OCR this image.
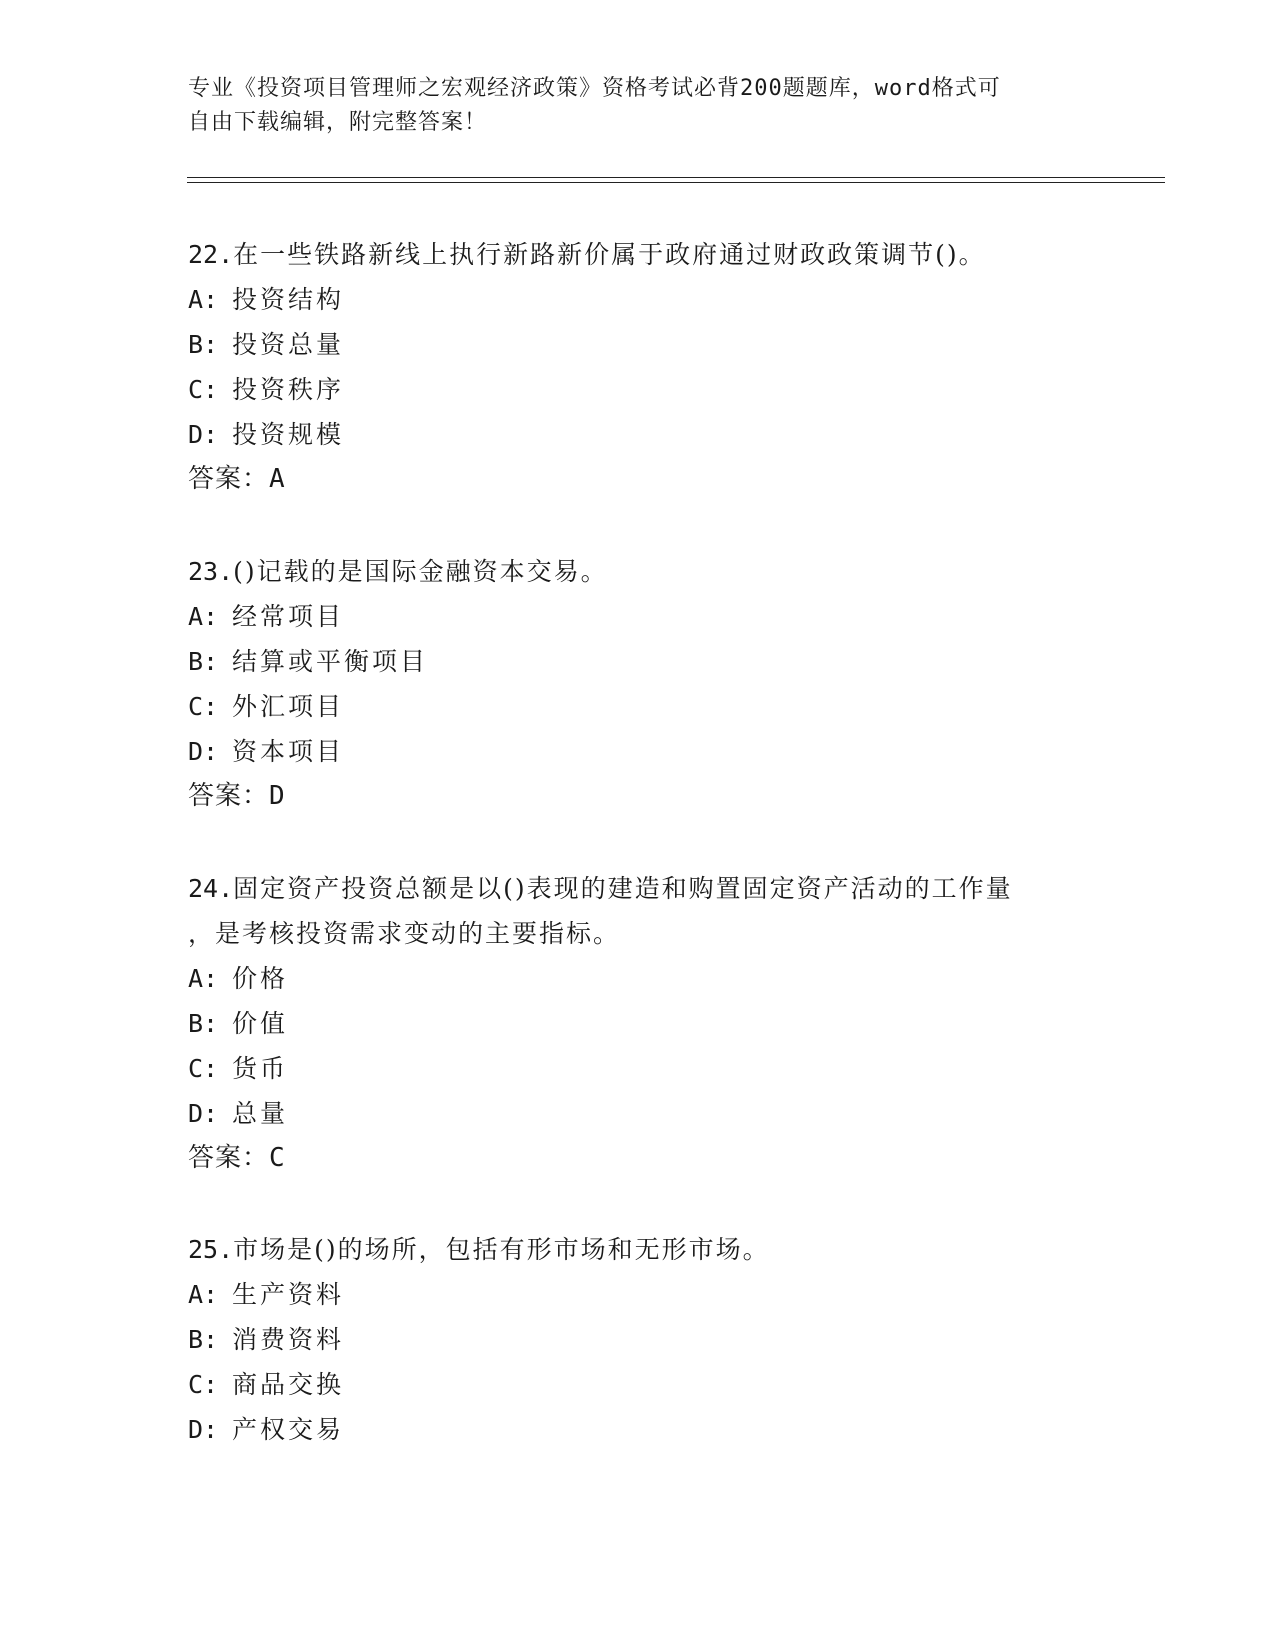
专业《投资项目管理师之宏观经济政策》资格考试必背200题题库，word格式可
自由下载编辑，附完整答案！

22.在一些铁路新线上执行新路新价属于政府通过财政政策调节()。

A: 投资结构

B: 投资总量

C: 投资秩序

D: 投资规模

答案：A

23.()记载的是国际金融资本交易。

A: 经常项目

B: 结算或平衡项目

C: 外汇项目

D: 资本项目

答案：D

24.固定资产投资总额是以()表现的建造和购置固定资产活动的工作量

，是考核投资需求变动的主要指标。

A: 价格

B: 价值

C: 货币

D: 总量

答案：C

25.市场是()的场所，包括有形市场和无形市场。

A: 生产资料

B: 消费资料

C: 商品交换

D: 产权交易
